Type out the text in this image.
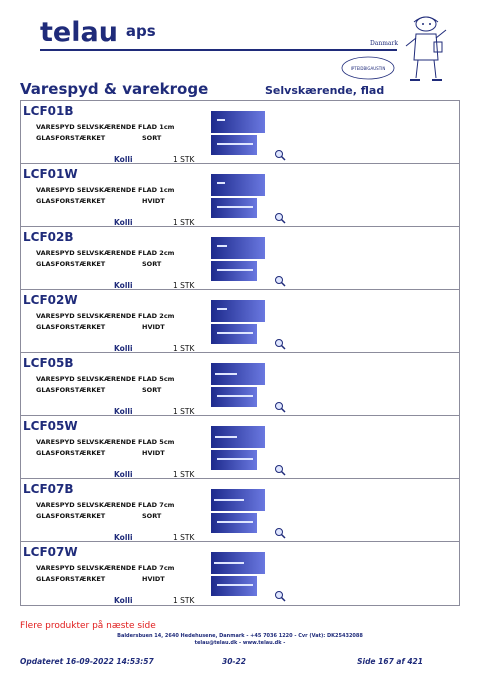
telau aps
Danmark
IPTEIDBIGAUSTIN
Varespyd & varekroge	Selvskærende, flad
LCF01B
VARESPYD SELVSKÆRENDE FLAD 1cm
GLASFORSTÆRKET	SORT
Kolli	1 STK
LCF01W
VARESPYD SELVSKÆRENDE FLAD 1cm
GLASFORSTÆRKET	HVIDT
Kolli	1 STK
LCF02B
VARESPYD SELVSKÆRENDE FLAD 2cm
GLASFORSTÆRKET	SORT
Kolli	1 STK
LCF02W
VARESPYD SELVSKÆRENDE FLAD 2cm
GLASFORSTÆRKET	HVIDT
Kolli	1 STK
LCF05B
VARESPYD SELVSKÆRENDE FLAD 5cm
GLASFORSTÆRKET	SORT
Kolli	1 STK
LCF05W
VARESPYD SELVSKÆRENDE FLAD 5cm
GLASFORSTÆRKET	HVIDT
Kolli	1 STK
LCF07B
VARESPYD SELVSKÆRENDE FLAD 7cm
GLASFORSTÆRKET	SORT
Kolli	1 STK
LCF07W
VARESPYD SELVSKÆRENDE FLAD 7cm
GLASFORSTÆRKET	HVIDT
Kolli	1 STK
Flere produkter på næste side
Baldersbuen 14, 2640 Hedehusene, Danmark - +45 7036 1220 - Cvr (Vat): DK25432088
telau@telau.dk - www.telau.dk -
Opdateret 16-09-2022 14:53:57	30-22	Side 167 af 421
